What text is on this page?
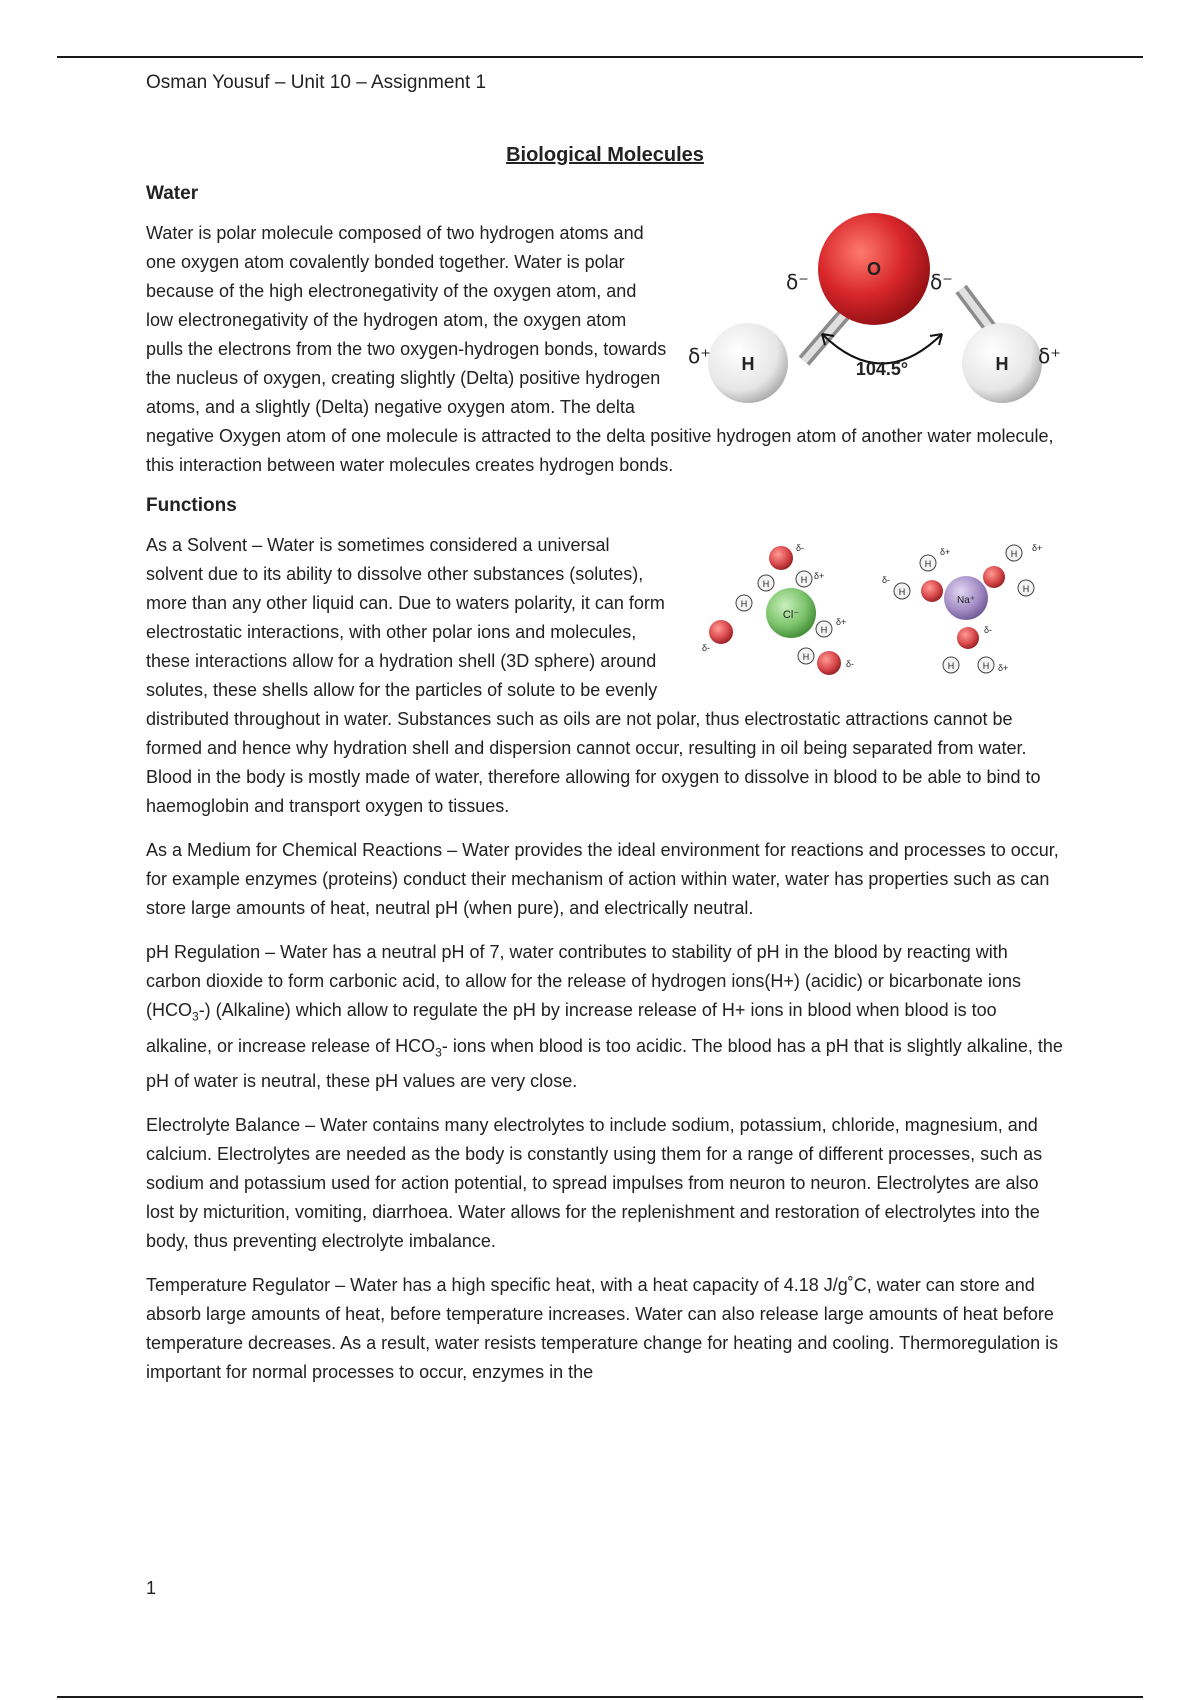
Osman Yousuf – Unit 10 – Assignment 1
Biological Molecules
Water
O
H	H
104.5°
δ⁻	δ⁻
δ⁺	δ⁺

Water is polar molecule composed of two hydrogen atoms and one oxygen atom covalently bonded together. Water is polar because of the high electronegativity of the oxygen atom, and low electronegativity of the hydrogen atom, the oxygen atom pulls the electrons from the two oxygen-hydrogen bonds, towards the nucleus of oxygen, creating slightly (Delta) positive hydrogen atoms, and a slightly (Delta) negative oxygen atom. The delta negative Oxygen atom of one molecule is attracted to the delta positive hydrogen atom of another water molecule, this interaction between water molecules creates hydrogen bonds.

Functions
Cl⁻
H	H
H
H
H
δ-
δ-
δ-
δ+
δ+
Na⁺
H
H
H
H
H	H
δ-
δ-
δ+	δ+
δ+

As a Solvent – Water is sometimes considered a universal solvent due to its ability to dissolve other substances (solutes), more than any other liquid can. Due to waters polarity, it can form electrostatic interactions, with other polar ions and molecules, these interactions allow for a hydration shell (3D sphere) around solutes, these shells allow for the particles of solute to be evenly distributed throughout in water. Substances such as oils are not polar, thus electrostatic attractions cannot be formed and hence why hydration shell and dispersion cannot occur, resulting in oil being separated from water. Blood in the body is mostly made of water, therefore allowing for oxygen to dissolve in blood to be able to bind to haemoglobin and transport oxygen to tissues.

As a Medium for Chemical Reactions – Water provides the ideal environment for reactions and processes to occur, for example enzymes (proteins) conduct their mechanism of action within water, water has properties such as can store large amounts of heat, neutral pH (when pure), and electrically neutral.

pH Regulation – Water has a neutral pH of 7, water contributes to stability of pH in the blood by reacting with carbon dioxide to form carbonic acid, to allow for the release of hydrogen ions(H+) (acidic) or bicarbonate ions $(HCO_3-)$ (Alkaline) which allow to regulate the pH by increase release of H+ ions in blood when blood is too alkaline, or increase release of $HCO_3-$ ions when blood is too acidic. The blood has a pH that is slightly alkaline, the pH of water is neutral, these pH values are very close.

Electrolyte Balance – Water contains many electrolytes to include sodium, potassium, chloride, magnesium, and calcium. Electrolytes are needed as the body is constantly using them for a range of different processes, such as sodium and potassium used for action potential, to spread impulses from neuron to neuron. Electrolytes are also lost by micturition, vomiting, diarrhoea. Water allows for the replenishment and restoration of electrolytes into the body, thus preventing electrolyte imbalance.

Temperature Regulator – Water has a high specific heat, with a heat capacity of 4.18 J/g˚C, water can store and absorb large amounts of heat, before temperature increases. Water can also release large amounts of heat before temperature decreases. As a result, water resists temperature change for heating and cooling. Thermoregulation is important for normal processes to occur, enzymes in the

1
